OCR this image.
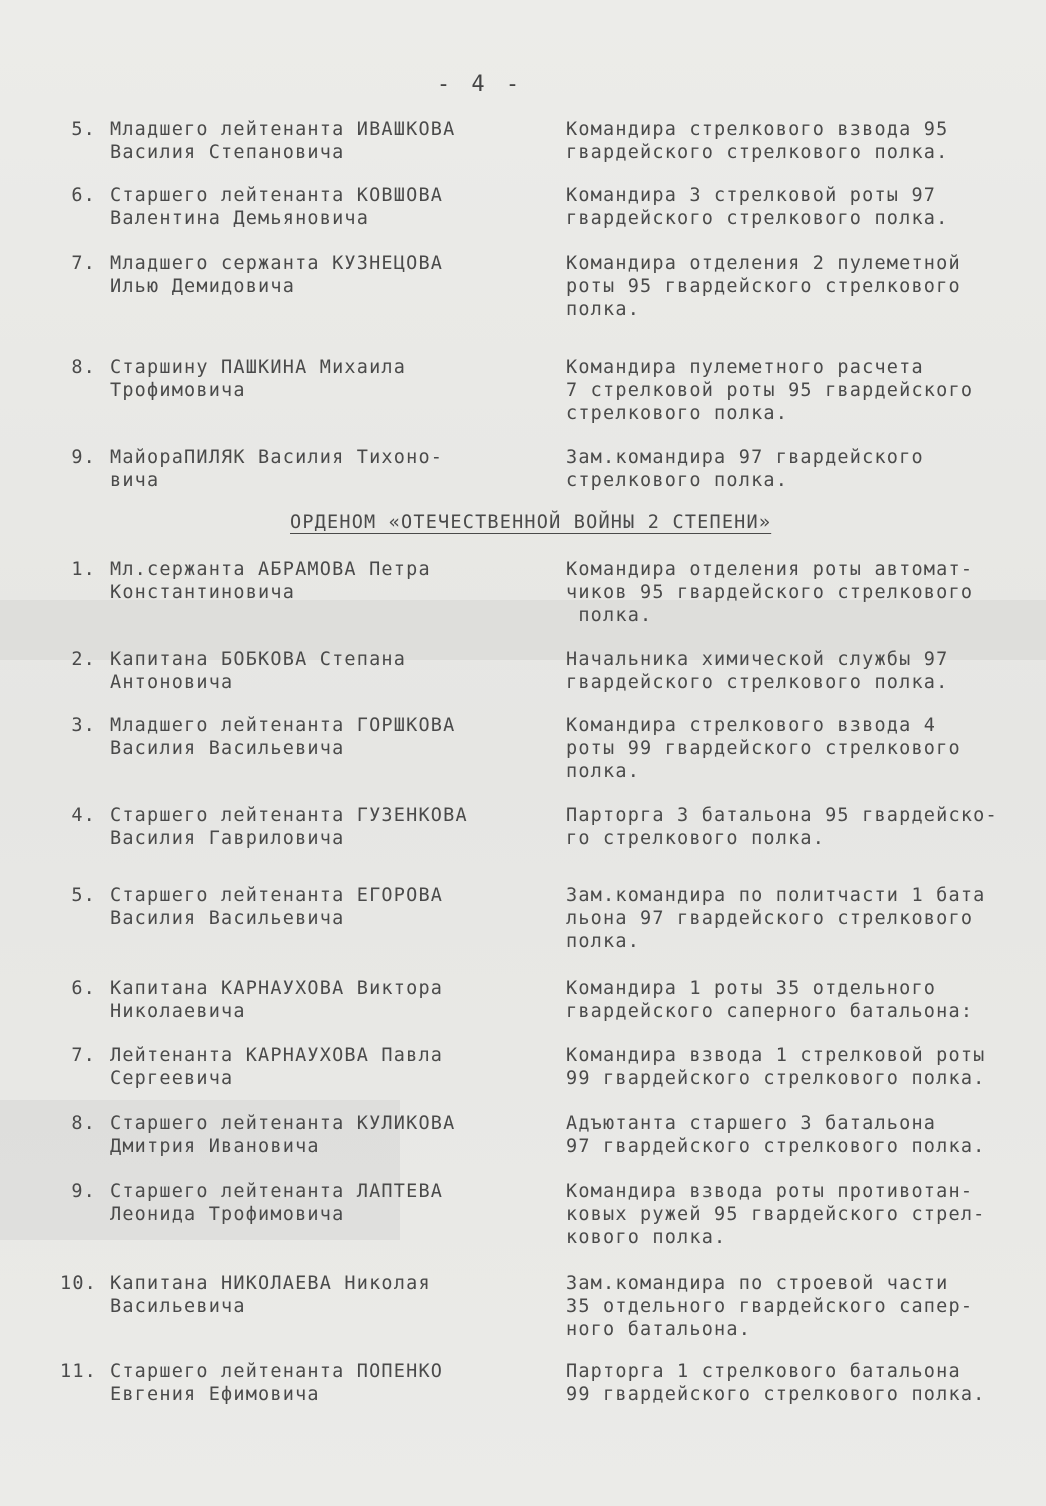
- 4 -
5. Младшего лейтенанта ИВАШКОВА
Василия Степановича
Командира стрелкового взвода 95
гвардейского стрелкового полка.
6. Старшего лейтенанта КОВШОВА
Валентина Демьяновича
Командира 3 стрелковой роты 97
гвардейского стрелкового полка.
7. Младшего сержанта КУЗНЕЦОВА
Илью Демидовича
Командира отделения 2 пулеметной
роты 95 гвардейского стрелкового
полка.
8. Старшину ПАШКИНА Михаила
Трофимовича
Командира пулеметного расчета
7 стрелковой роты 95 гвардейского
стрелкового полка.
9. МайораПИЛЯК Василия Тихоно-
вича
Зам.командира 97 гвардейского
стрелкового полка.
ОРДЕНОМ «ОТЕЧЕСТВЕННОЙ ВОЙНЫ 2 СТЕПЕНИ»
1. Мл.сержанта АБРАМОВА Петра
Константиновича
Командира отделения роты автомат-
чиков 95 гвардейского стрелкового
полка.
2. Капитана БОБКОВА Степана
Антоновича
Начальника химической службы 97
гвардейского стрелкового полка.
3. Младшего лейтенанта ГОРШКОВА
Василия Васильевича
Командира стрелкового взвода 4
роты 99 гвардейского стрелкового
полка.
4. Старшего лейтенанта ГУЗЕНКОВА
Василия Гавриловича
Парторга 3 батальона 95 гвардейско-
го стрелкового полка.
5. Старшего лейтенанта ЕГОРОВА
Василия Васильевича
Зам.командира по политчасти 1 бата
льона 97 гвардейского стрелкового
полка.
6. Капитана КАРНАУХОВА Виктора
Николаевича
Командира 1 роты 35 отдельного
гвардейского саперного батальона:
7. Лейтенанта КАРНАУХОВА Павла
Сергеевича
Командира взвода 1 стрелковой роты
99 гвардейского стрелкового полка.
8. Старшего лейтенанта КУЛИКОВА
Дмитрия Ивановича
Адъютанта старшего 3 батальона
97 гвардейского стрелкового полка.
9. Старшего лейтенанта ЛАПТЕВА
Леонида Трофимовича
Командира взвода роты противотан-
ковых ружей 95 гвардейского стрел-
кового полка.
10. Капитана НИКОЛАЕВА Николая
Васильевича
Зам.командира по строевой части
35 отдельного гвардейского сапер-
ного батальона.
11. Старшего лейтенанта ПОПЕНКО
Евгения Ефимовича
Парторга 1 стрелкового батальона
99 гвардейского стрелкового полка.
